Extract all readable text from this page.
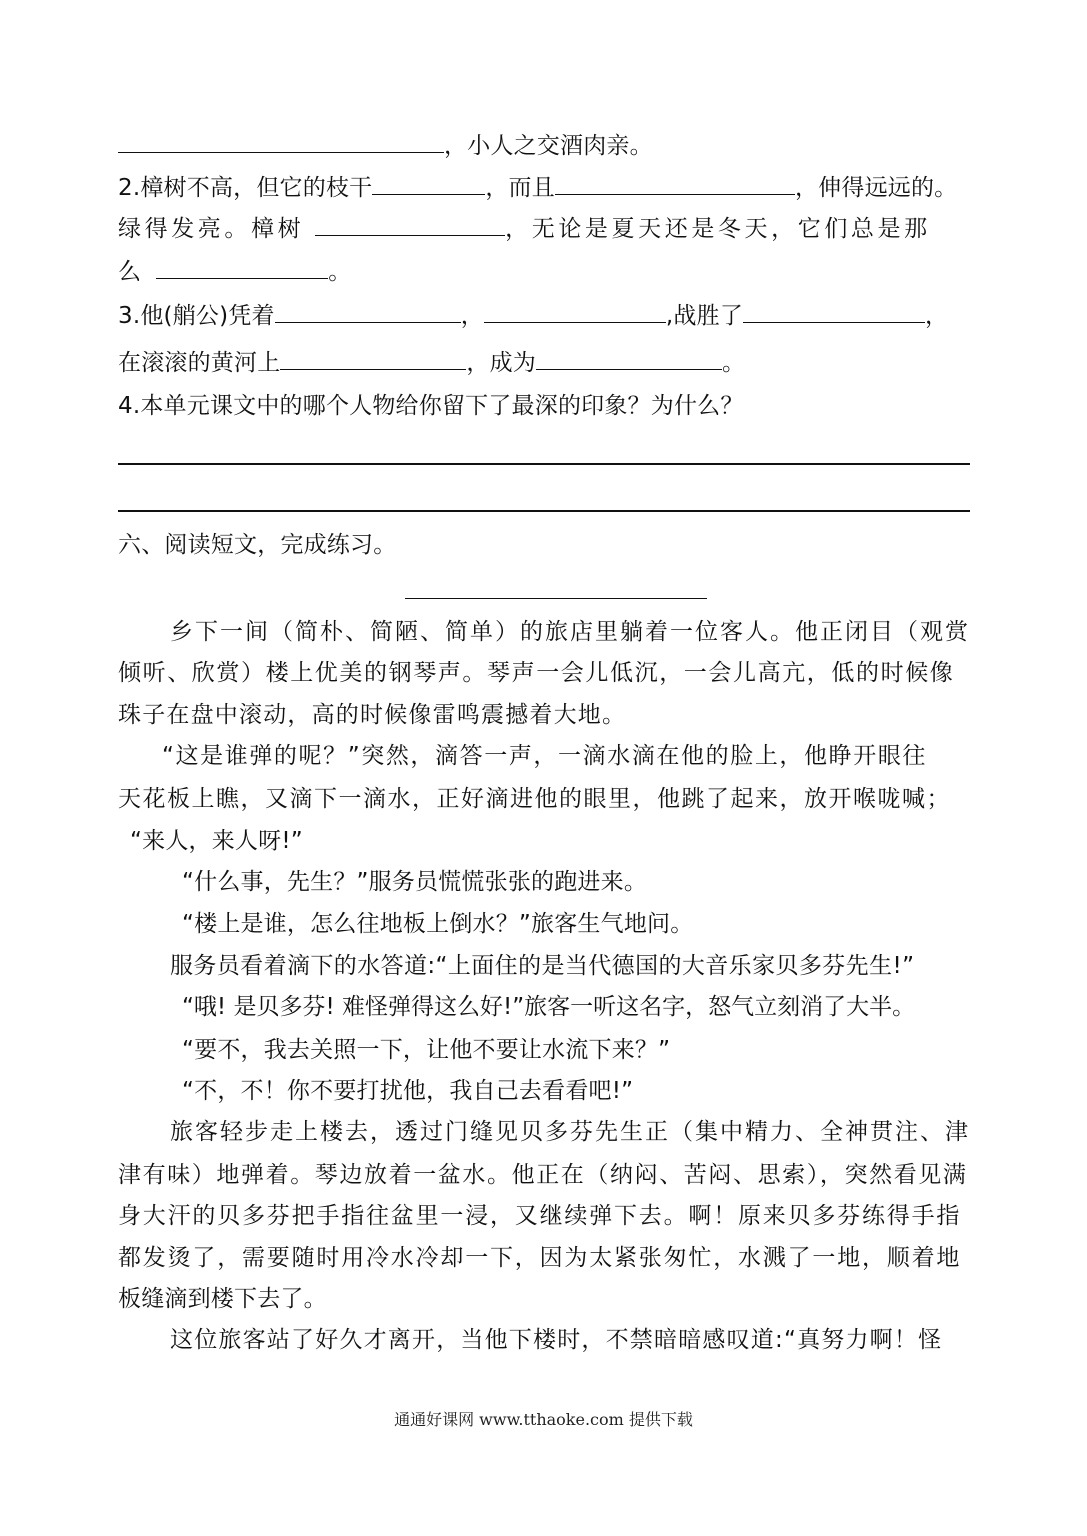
，小人之交酒肉亲。
2.樟树不高，但它的枝干	，而且	，伸得远远的。
绿得发亮。樟树	，无论是夏天还是冬天，它们总是那
么	。
3.他(艄公)凭着	，	,战胜了	，
在滚滚的黄河上	，成为	。
4.本单元课文中的哪个人物给你留下了最深的印象？为什么？
六、阅读短文，完成练习。
乡下一间（简朴、简陋、简单）的旅店里躺着一位客人。他正闭目（观赏
倾听、欣赏）楼上优美的钢琴声。琴声一会儿低沉，一会儿高亢，低的时候像
珠子在盘中滚动，高的时候像雷鸣震撼着大地。
“这是谁弹的呢？”突然，滴答一声，一滴水滴在他的脸上，他睁开眼往
天花板上瞧，又滴下一滴水，正好滴进他的眼里，他跳了起来，放开喉咙喊；
“来人，来人呀!”
“什么事，先生？”服务员慌慌张张的跑进来。
“楼上是谁，怎么往地板上倒水？”旅客生气地问。
服务员看着滴下的水答道:“上面住的是当代德国的大音乐家贝多芬先生!”
“哦! 是贝多芬! 难怪弹得这么好!”旅客一听这名字，怒气立刻消了大半。
“要不，我去关照一下，让他不要让水流下来？”
“不，不！你不要打扰他，我自己去看看吧!”
旅客轻步走上楼去，透过门缝见贝多芬先生正（集中精力、全神贯注、津
津有味）地弹着。琴边放着一盆水。他正在（纳闷、苦闷、思索），突然看见满
身大汗的贝多芬把手指往盆里一浸，又继续弹下去。啊！原来贝多芬练得手指
都发烫了，需要随时用冷水冷却一下，因为太紧张匆忙，水溅了一地，顺着地
板缝滴到楼下去了。
这位旅客站了好久才离开，当他下楼时，不禁暗暗感叹道:“真努力啊！怪
通通好课网 www.tthaoke.com 提供下载
